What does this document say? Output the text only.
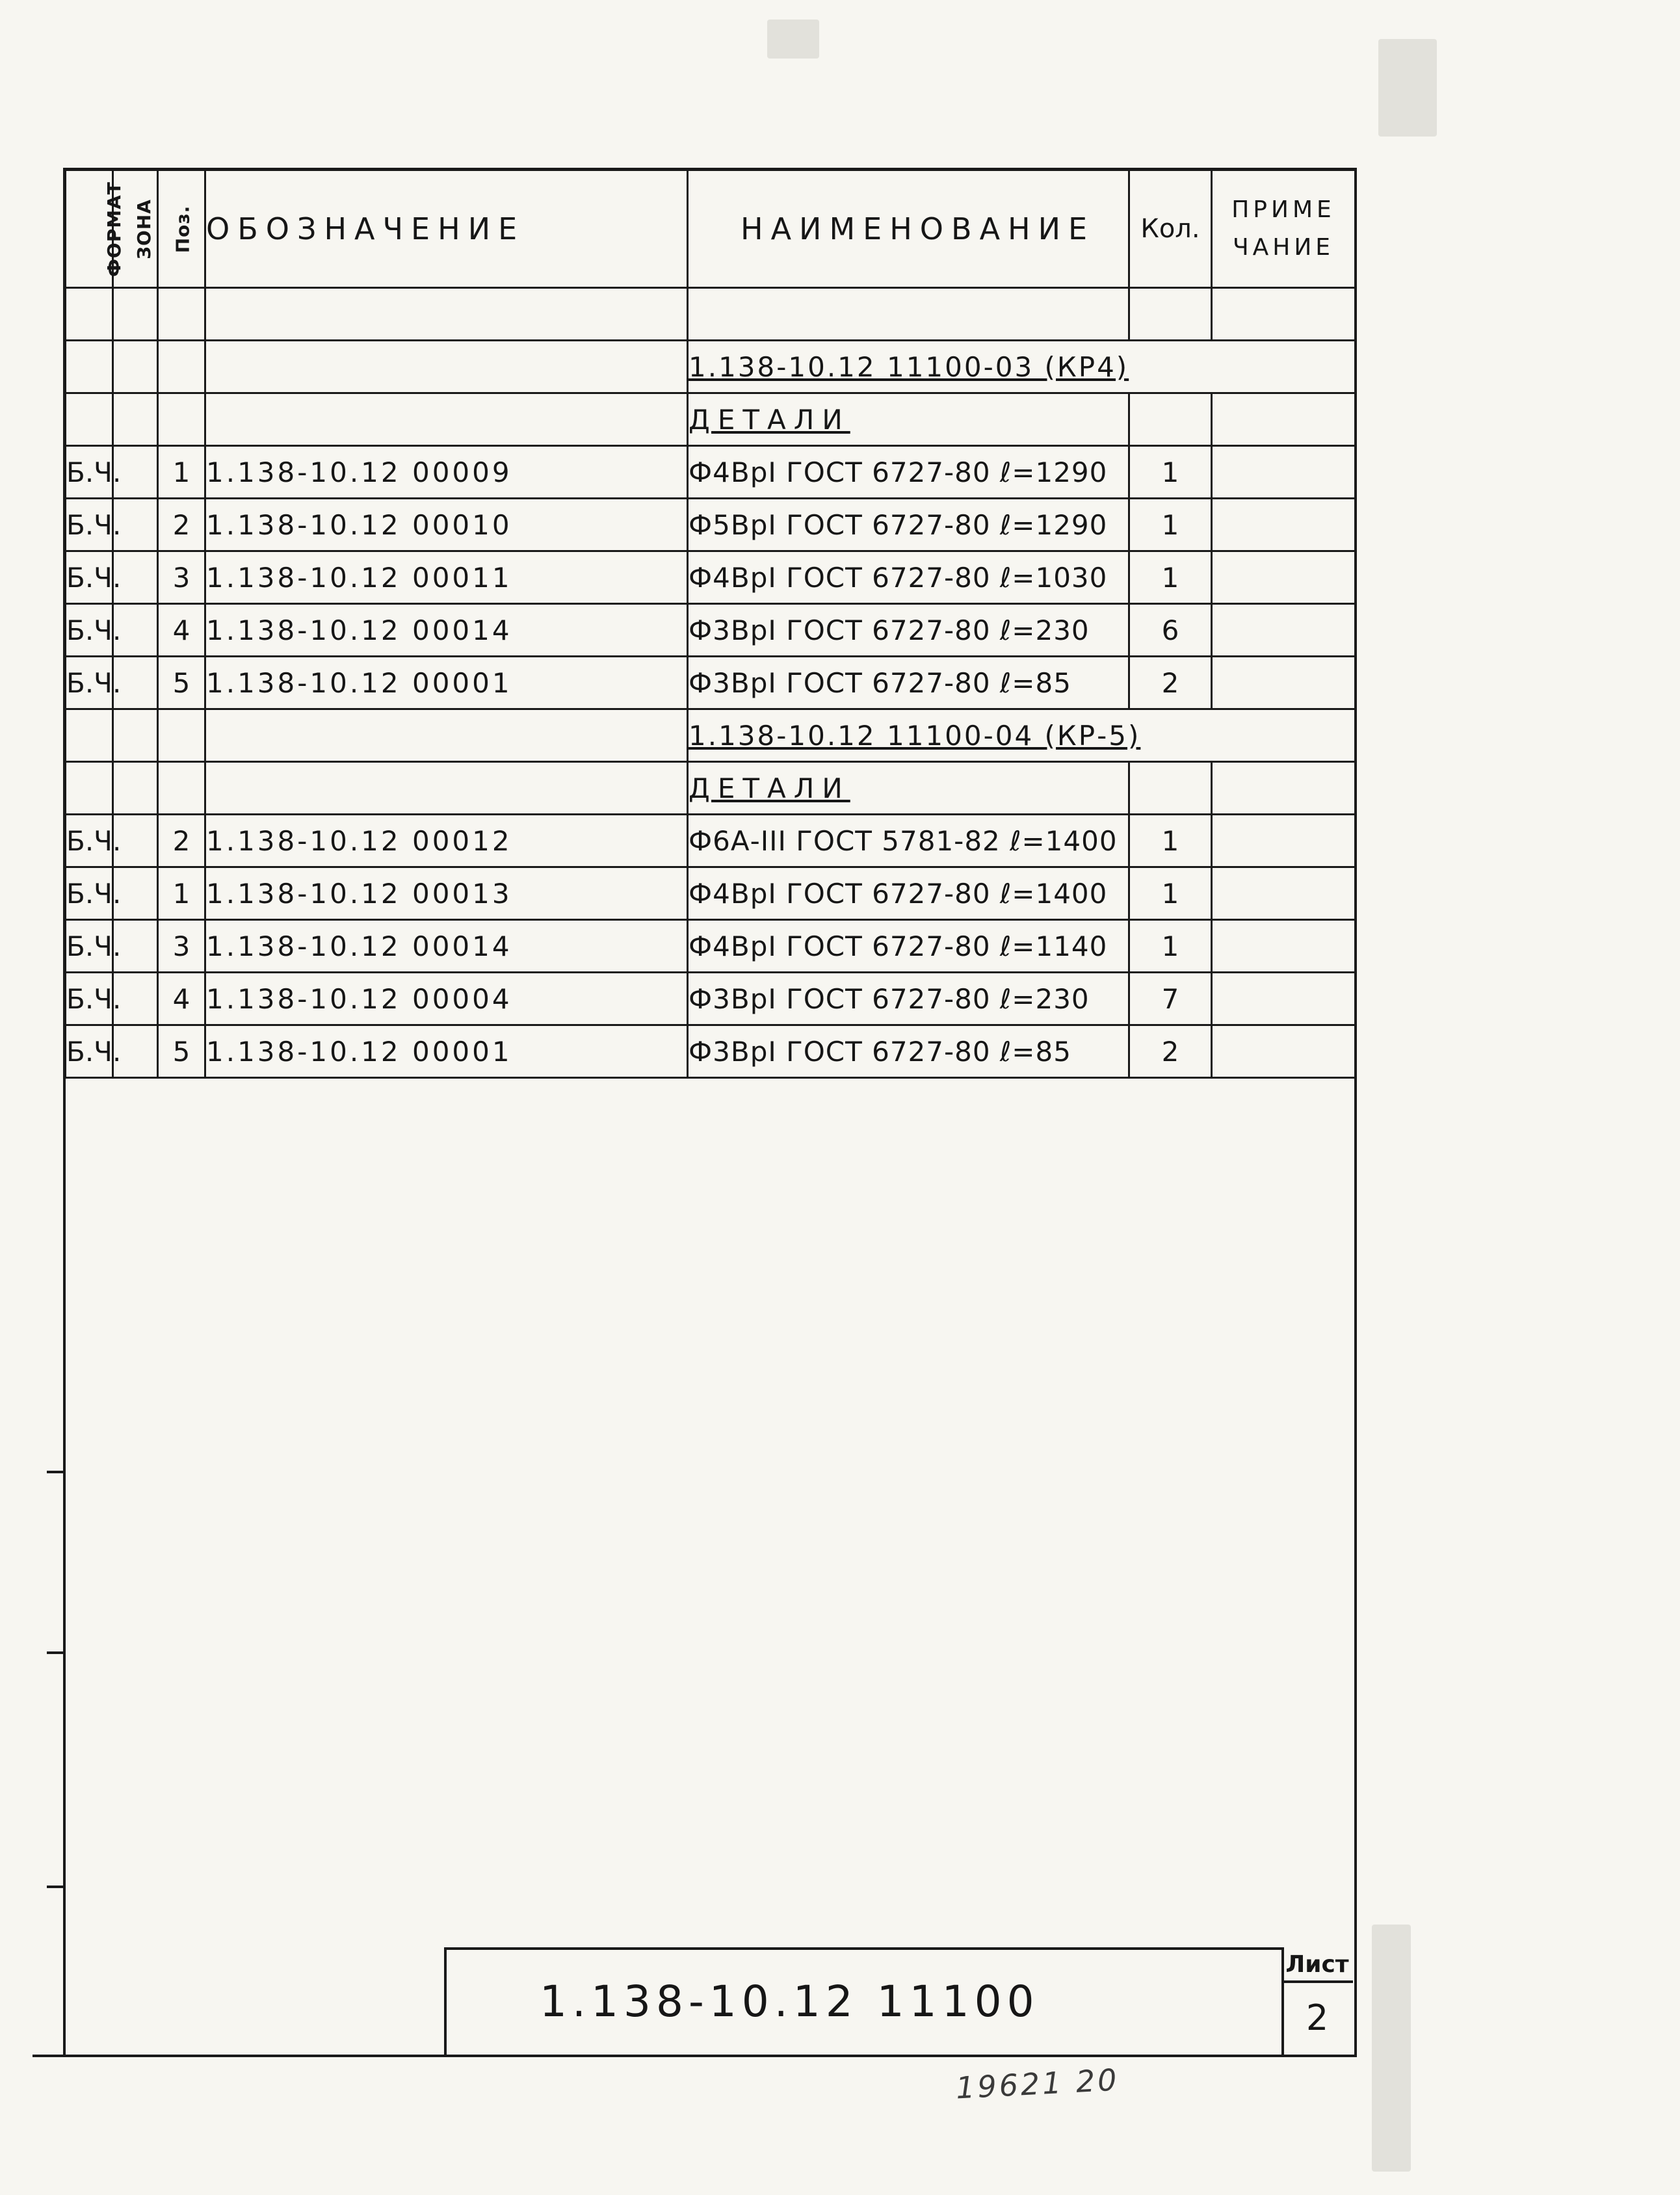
ФОРМАТ	ЗОНА	Поз.	ОБОЗНАЧЕНИЕ	НАИМЕНОВАНИЕ	Кол.	ПРИМЕ
ЧАНИЕ

				1.138-10.12 11100-03 (КР4)		
				ДЕТАЛИ		
Б.Ч.		1	1.138-10.12 00009	Ф4ВрI ГОСТ 6727-80 ℓ=1290	1	
Б.Ч.		2	1.138-10.12 00010	Ф5ВрI ГОСТ 6727-80 ℓ=1290	1	
Б.Ч.		3	1.138-10.12 00011	Ф4ВрI ГОСТ 6727-80 ℓ=1030	1	
Б.Ч.		4	1.138-10.12 00014	Ф3ВрI ГОСТ 6727-80 ℓ=230	6	
Б.Ч.		5	1.138-10.12 00001	Ф3ВрI ГОСТ 6727-80 ℓ=85	2	
				1.138-10.12 11100-04 (КР-5)		
				ДЕТАЛИ		
Б.Ч.		2	1.138-10.12 00012	Ф6А-III ГОСТ 5781-82 ℓ=1400	1	
Б.Ч.		1	1.138-10.12 00013	Ф4ВрI ГОСТ 6727-80 ℓ=1400	1	
Б.Ч.		3	1.138-10.12 00014	Ф4ВрI ГОСТ 6727-80 ℓ=1140	1	
Б.Ч.		4	1.138-10.12 00004	Ф3ВрI ГОСТ 6727-80 ℓ=230	7	
Б.Ч.		5	1.138-10.12 00001	Ф3ВрI ГОСТ 6727-80 ℓ=85	2	
1.138-10.12 11100
Лист
2
19621 20
